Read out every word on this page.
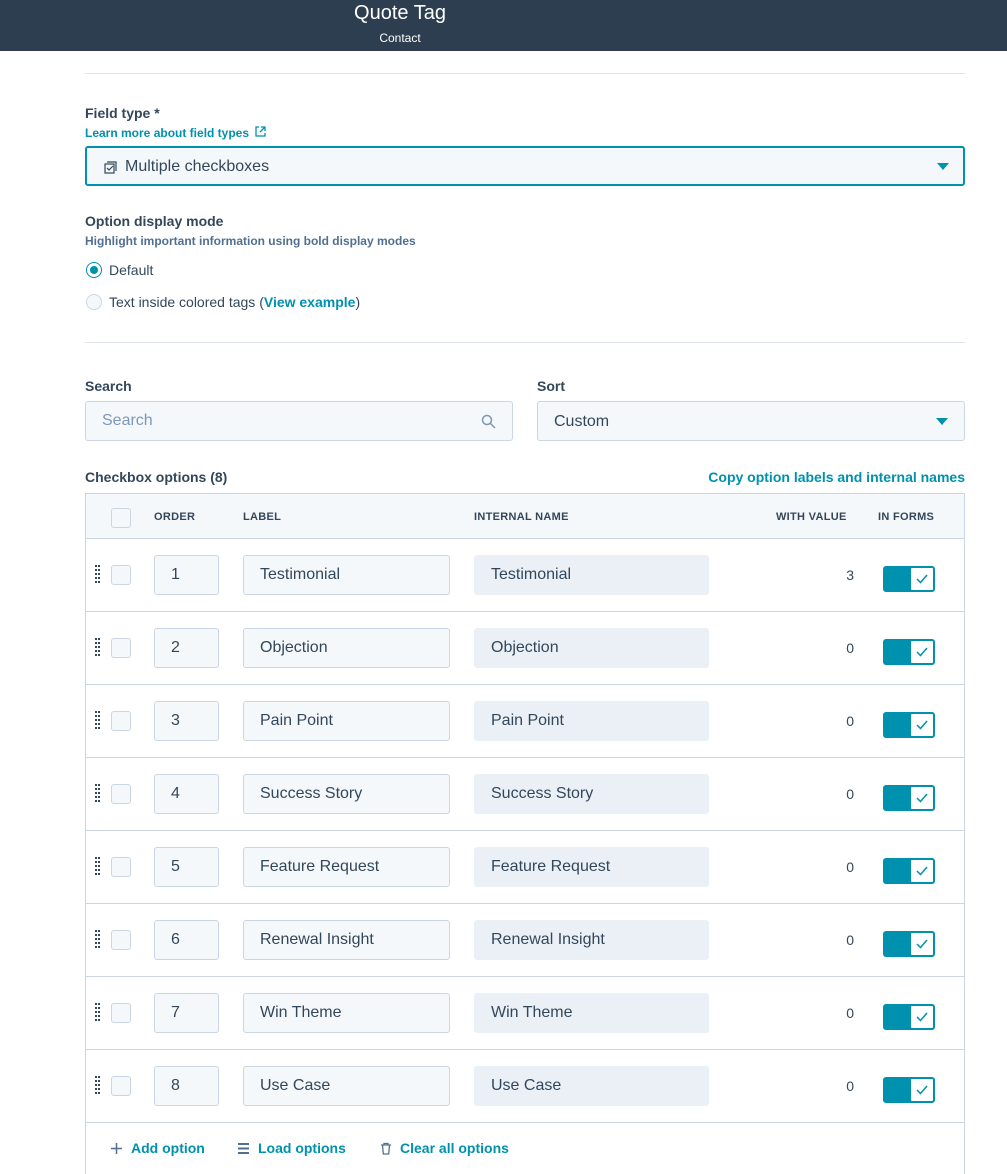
Quote Tag
Contact
Field type *
Learn more about field types
Multiple checkboxes
Option display mode
Highlight important information using bold display modes
Default
Text inside colored tags (View example)
Search
Search
Sort
Custom
Checkbox options (8)	Copy option labels and internal names
ORDER	LABEL	INTERNAL NAME	WITH VALUE	IN FORMS
1	Testimonial	Testimonial	3
2	Objection	Objection	0
3	Pain Point	Pain Point	0
4	Success Story	Success Story	0
5	Feature Request	Feature Request	0
6	Renewal Insight	Renewal Insight	0
7	Win Theme	Win Theme	0
8	Use Case	Use Case	0
Add option	Load options	Clear all options
